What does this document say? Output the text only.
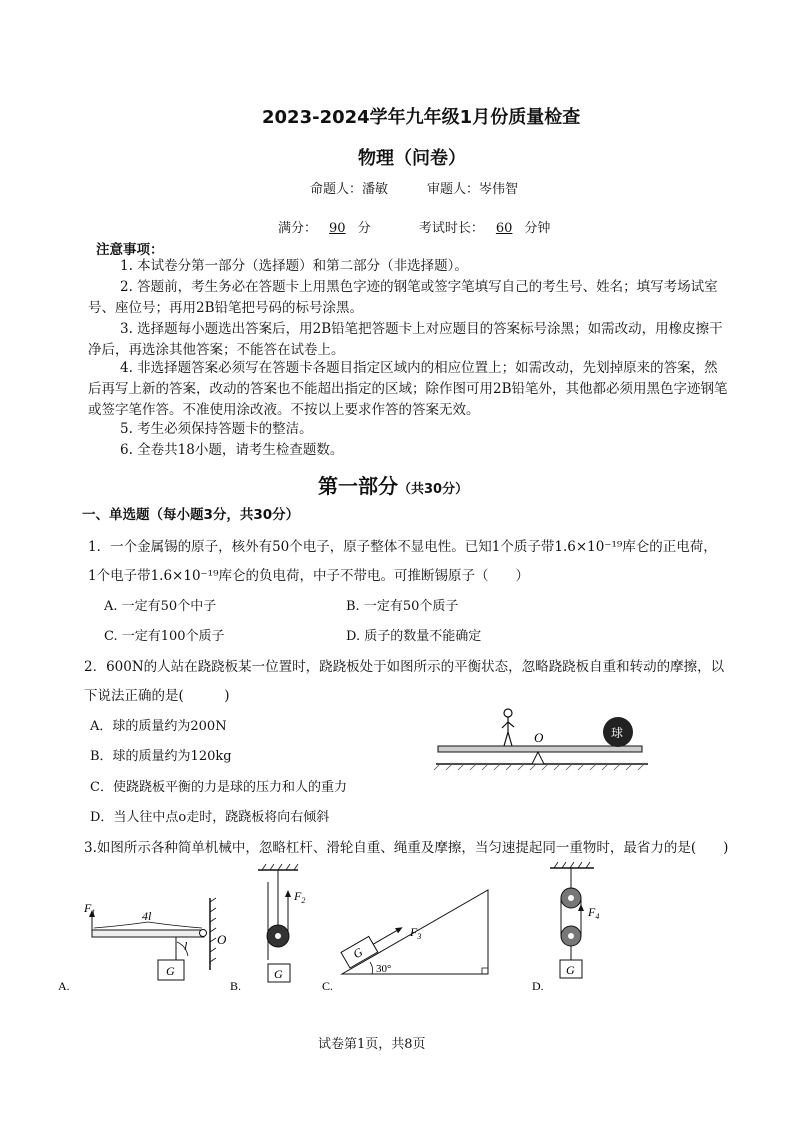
2023-2024学年九年级1月份质量检查
物理（问卷）
命题人：潘敏　　　审题人：岑伟智
满分： 90 分	考试时长： 60 分钟
注意事项：
1. 本试卷分第一部分（选择题）和第二部分（非选择题）。
2. 答题前，考生务必在答题卡上用黑色字迹的钢笔或签字笔填写自己的考生号、姓名；填写考场试室号、座位号；再用2B铅笔把号码的标号涂黑。
3. 选择题每小题选出答案后，用2B铅笔把答题卡上对应题目的答案标号涂黑；如需改动，用橡皮擦干净后，再选涂其他答案；不能答在试卷上。
4. 非选择题答案必须写在答题卡各题目指定区域内的相应位置上；如需改动，先划掉原来的答案，然后再写上新的答案，改动的答案也不能超出指定的区域；除作图可用2B铅笔外，其他都必须用黑色字迹钢笔或签字笔作答。不准使用涂改液。不按以上要求作答的答案无效。
5. 考生必须保持答题卡的整洁。
6. 全卷共18小题，请考生检查题数。
第一部分（共30分）
一、单选题（每小题3分，共30分）
1．一个金属锡的原子，核外有50个电子，原子整体不显电性。已知1个质子带1.6×10⁻¹⁹库仑的正电荷，
1个电子带1.6×10⁻¹⁹库仑的负电荷，中子不带电。可推断锡原子（　　）
A. 一定有50个中子	B. 一定有50个质子
C. 一定有100个质子	D. 质子的数量不能确定
2．600N的人站在跷跷板某一位置时，跷跷板处于如图所示的平衡状态，忽略跷跷板自重和转动的摩擦，以
下说法正确的是(　　　)
A．球的质量约为200N
B．球的质量约为120kg
C．使跷跷板平衡的力是球的压力和人的重力
D．当人往中点o走时，跷跷板将向右倾斜
O	球
3.如图所示各种简单机械中，忽略杠杆、滑轮自重、绳重及摩擦，当匀速提起同一重物时，最省力的是(　　)
A.
O
$F_1$	4l
l
G
B.
$F_2$
G
C.
G
$F_3$
30°
D.
$F_4$
G
试卷第1页，共8页
